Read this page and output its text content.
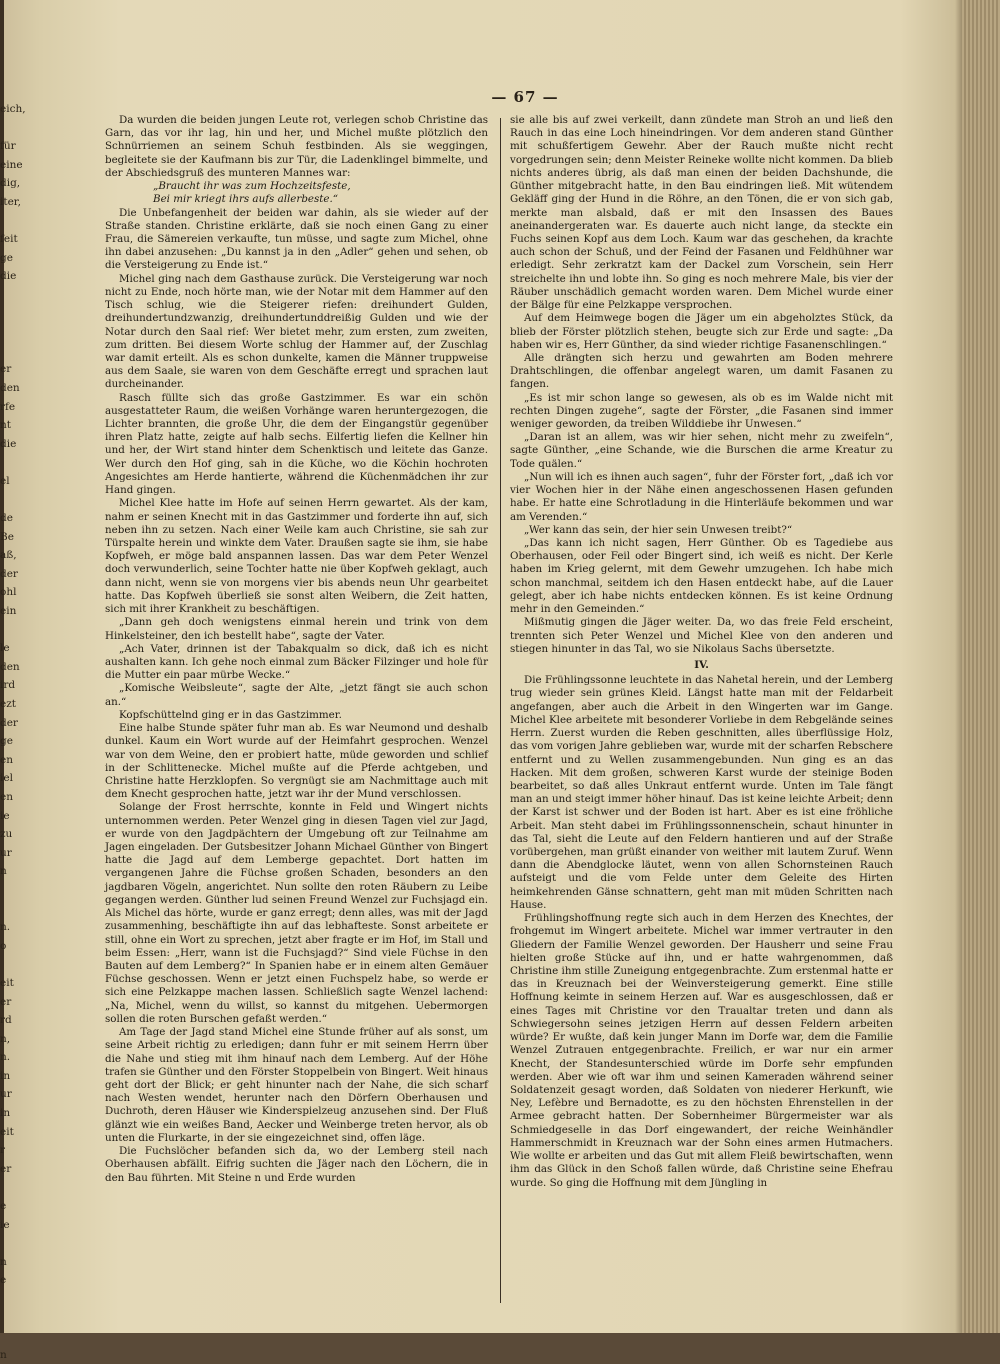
eich,

für
eine
dig,
iter,

feit
ge
die

er
den
rfe
nt
die

el

de
Be
aß,
der
ohl
ein

le
den
ird
ezt
der
ge
en
iel
en
ie
zu
ur
n

n.
o

eit
er
rd
n,
n.
in
ur
in
eit
r
er

e
ie

n
e

n
— 67 —

Da wurden die beiden jungen Leute rot, verlegen schob Christine das Garn, das vor ihr lag, hin und her, und Michel mußte plötzlich den Schnürriemen an seinem Schuh festbinden. Als sie weggingen, begleitete sie der Kaufmann bis zur Tür, die Ladenklingel bimmelte, und der Abschiedsgruß des munteren Mannes war:

„Braucht ihr was zum Hochzeitsfeste,

Bei mir kriegt ihrs aufs allerbeste.“

Die Unbefangenheit der beiden war dahin, als sie wieder auf der Straße standen. Christine erklärte, daß sie noch einen Gang zu einer Frau, die Sämereien verkaufte, tun müsse, und sagte zum Michel, ohne ihn dabei anzusehen: „Du kannst ja in den „Adler“ gehen und sehen, ob die Versteigerung zu Ende ist.“

Michel ging nach dem Gasthause zurück. Die Versteigerung war noch nicht zu Ende, noch hörte man, wie der Notar mit dem Hammer auf den Tisch schlug, wie die Steigerer riefen: dreihundert Gulden, dreihundertundzwanzig, dreihundertunddreißig Gulden und wie der Notar durch den Saal rief: Wer bietet mehr, zum ersten, zum zweiten, zum dritten. Bei diesem Worte schlug der Hammer auf, der Zuschlag war damit erteilt. Als es schon dunkelte, kamen die Männer truppweise aus dem Saale, sie waren von dem Geschäfte erregt und sprachen laut durcheinander.

Rasch füllte sich das große Gastzimmer. Es war ein schön ausgestatteter Raum, die weißen Vorhänge waren heruntergezogen, die Lichter brannten, die große Uhr, die dem der Eingangstür gegenüber ihren Platz hatte, zeigte auf halb sechs. Eilfertig liefen die Kellner hin und her, der Wirt stand hinter dem Schenktisch und leitete das Ganze. Wer durch den Hof ging, sah in die Küche, wo die Köchin hochroten Angesichtes am Herde hantierte, während die Küchenmädchen ihr zur Hand gingen.

Michel Klee hatte im Hofe auf seinen Herrn gewartet. Als der kam, nahm er seinen Knecht mit in das Gastzimmer und forderte ihn auf, sich neben ihn zu setzen. Nach einer Weile kam auch Christine, sie sah zur Türspalte herein und winkte dem Vater. Draußen sagte sie ihm, sie habe Kopfweh, er möge bald anspannen lassen. Das war dem Peter Wenzel doch verwunderlich, seine Tochter hatte nie über Kopfweh geklagt, auch dann nicht, wenn sie von morgens vier bis abends neun Uhr gearbeitet hatte. Das Kopfweh überließ sie sonst alten Weibern, die Zeit hatten, sich mit ihrer Krankheit zu beschäftigen.

„Dann geh doch wenigstens einmal herein und trink von dem Hinkelsteiner, den ich bestellt habe“, sagte der Vater.

„Ach Vater, drinnen ist der Tabakqualm so dick, daß ich es nicht aushalten kann. Ich gehe noch einmal zum Bäcker Filzinger und hole für die Mutter ein paar mürbe Wecke.“

„Komische Weibsleute“, sagte der Alte, „jetzt fängt sie auch schon an.“

Kopfschüttelnd ging er in das Gastzimmer.

Eine halbe Stunde später fuhr man ab. Es war Neumond und deshalb dunkel. Kaum ein Wort wurde auf der Heimfahrt gesprochen. Wenzel war von dem Weine, den er probiert hatte, müde geworden und schlief in der Schlittenecke. Michel mußte auf die Pferde achtgeben, und Christine hatte Herzklopfen. So vergnügt sie am Nachmittage auch mit dem Knecht gesprochen hatte, jetzt war ihr der Mund verschlossen.

Solange der Frost herrschte, konnte in Feld und Wingert nichts unternommen werden. Peter Wenzel ging in diesen Tagen viel zur Jagd, er wurde von den Jagdpächtern der Umgebung oft zur Teilnahme am Jagen eingeladen. Der Gutsbesitzer Johann Michael Günther von Bingert hatte die Jagd auf dem Lemberge gepachtet. Dort hatten im vergangenen Jahre die Füchse großen Schaden, besonders an den jagdbaren Vögeln, angerichtet. Nun sollte den roten Räubern zu Leibe gegangen werden. Günther lud seinen Freund Wenzel zur Fuchsjagd ein. Als Michel das hörte, wurde er ganz erregt; denn alles, was mit der Jagd zusammenhing, beschäftigte ihn auf das lebhafteste. Sonst arbeitete er still, ohne ein Wort zu sprechen, jetzt aber fragte er im Hof, im Stall und beim Essen: „Herr, wann ist die Fuchsjagd?“ Sind viele Füchse in den Bauten auf dem Lemberg?“ In Spanien habe er in einem alten Gemäuer Füchse geschossen. Wenn er jetzt einen Fuchspelz habe, so werde er sich eine Pelzkappe machen lassen. Schließlich sagte Wenzel lachend: „Na, Michel, wenn du willst, so kannst du mitgehen. Uebermorgen sollen die roten Burschen gefaßt werden.“

Am Tage der Jagd stand Michel eine Stunde früher auf als sonst, um seine Arbeit richtig zu erledigen; dann fuhr er mit seinem Herrn über die Nahe und stieg mit ihm hinauf nach dem Lemberg. Auf der Höhe trafen sie Günther und den Förster Stoppelbein von Bingert. Weit hinaus geht dort der Blick; er geht hinunter nach der Nahe, die sich scharf nach Westen wendet, herunter nach den Dörfern Oberhausen und Duchroth, deren Häuser wie Kinderspielzeug anzusehen sind. Der Fluß glänzt wie ein weißes Band, Aecker und Weinberge treten hervor, als ob unten die Flurkarte, in der sie eingezeichnet sind, offen läge.

Die Fuchslöcher befanden sich da, wo der Lemberg steil nach Oberhausen abfällt. Eifrig suchten die Jäger nach den Löchern, die in den Bau führten. Mit Steine n und Erde wurden

sie alle bis auf zwei verkeilt, dann zündete man Stroh an und ließ den Rauch in das eine Loch hineindringen. Vor dem anderen stand Günther mit schußfertigem Gewehr. Aber der Rauch mußte nicht recht vorgedrungen sein; denn Meister Reineke wollte nicht kommen. Da blieb nichts anderes übrig, als daß man einen der beiden Dachshunde, die Günther mitgebracht hatte, in den Bau eindringen ließ. Mit wütendem Gekläff ging der Hund in die Röhre, an den Tönen, die er von sich gab, merkte man alsbald, daß er mit den Insassen des Baues aneinandergeraten war. Es dauerte auch nicht lange, da steckte ein Fuchs seinen Kopf aus dem Loch. Kaum war das geschehen, da krachte auch schon der Schuß, und der Feind der Fasanen und Feldhühner war erledigt. Sehr zerkratzt kam der Dackel zum Vorschein, sein Herr streichelte ihn und lobte ihn. So ging es noch mehrere Male, bis vier der Räuber unschädlich gemacht worden waren. Dem Michel wurde einer der Bälge für eine Pelzkappe versprochen.

Auf dem Heimwege bogen die Jäger um ein abgeholztes Stück, da blieb der Förster plötzlich stehen, beugte sich zur Erde und sagte: „Da haben wir es, Herr Günther, da sind wieder richtige Fasanenschlingen.“

Alle drängten sich herzu und gewahrten am Boden mehrere Drahtschlingen, die offenbar angelegt waren, um damit Fasanen zu fangen.

„Es ist mir schon lange so gewesen, als ob es im Walde nicht mit rechten Dingen zugehe“, sagte der Förster, „die Fasanen sind immer weniger geworden, da treiben Wilddiebe ihr Unwesen.“

„Daran ist an allem, was wir hier sehen, nicht mehr zu zweifeln“, sagte Günther, „eine Schande, wie die Burschen die arme Kreatur zu Tode quälen.“

„Nun will ich es ihnen auch sagen“, fuhr der Förster fort, „daß ich vor vier Wochen hier in der Nähe einen angeschossenen Hasen gefunden habe. Er hatte eine Schrotladung in die Hinterläufe bekommen und war am Verenden.“

„Wer kann das sein, der hier sein Unwesen treibt?“

„Das kann ich nicht sagen, Herr Günther. Ob es Tagediebe aus Oberhausen, oder Feil oder Bingert sind, ich weiß es nicht. Der Kerle haben im Krieg gelernt, mit dem Gewehr umzugehen. Ich habe mich schon manchmal, seitdem ich den Hasen entdeckt habe, auf die Lauer gelegt, aber ich habe nichts entdecken können. Es ist keine Ordnung mehr in den Gemeinden.“

Mißmutig gingen die Jäger weiter. Da, wo das freie Feld erscheint, trennten sich Peter Wenzel und Michel Klee von den anderen und stiegen hinunter in das Tal, wo sie Nikolaus Sachs übersetzte.

IV.

Die Frühlingssonne leuchtete in das Nahetal herein, und der Lemberg trug wieder sein grünes Kleid. Längst hatte man mit der Feldarbeit angefangen, aber auch die Arbeit in den Wingerten war im Gange. Michel Klee arbeitete mit besonderer Vorliebe in dem Rebgelände seines Herrn. Zuerst wurden die Reben geschnitten, alles überflüssige Holz, das vom vorigen Jahre geblieben war, wurde mit der scharfen Rebschere entfernt und zu Wellen zusammengebunden. Nun ging es an das Hacken. Mit dem großen, schweren Karst wurde der steinige Boden bearbeitet, so daß alles Unkraut entfernt wurde. Unten im Tale fängt man an und steigt immer höher hinauf. Das ist keine leichte Arbeit; denn der Karst ist schwer und der Boden ist hart. Aber es ist eine fröhliche Arbeit. Man steht dabei im Frühlingssonnenschein, schaut hinunter in das Tal, sieht die Leute auf den Feldern hantieren und auf der Straße vorübergehen, man grüßt einander von weither mit lautem Zuruf. Wenn dann die Abendglocke läutet, wenn von allen Schornsteinen Rauch aufsteigt und die vom Felde unter dem Geleite des Hirten heimkehrenden Gänse schnattern, geht man mit müden Schritten nach Hause.

Frühlingshoffnung regte sich auch in dem Herzen des Knechtes, der frohgemut im Wingert arbeitete. Michel war immer vertrauter in den Gliedern der Familie Wenzel geworden. Der Hausherr und seine Frau hielten große Stücke auf ihn, und er hatte wahrgenommen, daß Christine ihm stille Zuneigung entgegenbrachte. Zum erstenmal hatte er das in Kreuznach bei der Weinversteigerung gemerkt. Eine stille Hoffnung keimte in seinem Herzen auf. War es ausgeschlossen, daß er eines Tages mit Christine vor den Traualtar treten und dann als Schwiegersohn seines jetzigen Herrn auf dessen Feldern arbeiten würde? Er wußte, daß kein junger Mann im Dorfe war, dem die Familie Wenzel Zutrauen entgegenbrachte. Freilich, er war nur ein armer Knecht, der Standesunterschied würde im Dorfe sehr empfunden werden. Aber wie oft war ihm und seinen Kameraden während seiner Soldatenzeit gesagt worden, daß Soldaten von niederer Herkunft, wie Ney, Lefèbre und Bernadotte, es zu den höchsten Ehrenstellen in der Armee gebracht hatten. Der Sobernheimer Bürgermeister war als Schmiedgeselle in das Dorf eingewandert, der reiche Weinhändler Hammerschmidt in Kreuznach war der Sohn eines armen Hutmachers. Wie wollte er arbeiten und das Gut mit allem Fleiß bewirtschaften, wenn ihm das Glück in den Schoß fallen würde, daß Christine seine Ehefrau wurde. So ging die Hoffnung mit dem Jüngling in
